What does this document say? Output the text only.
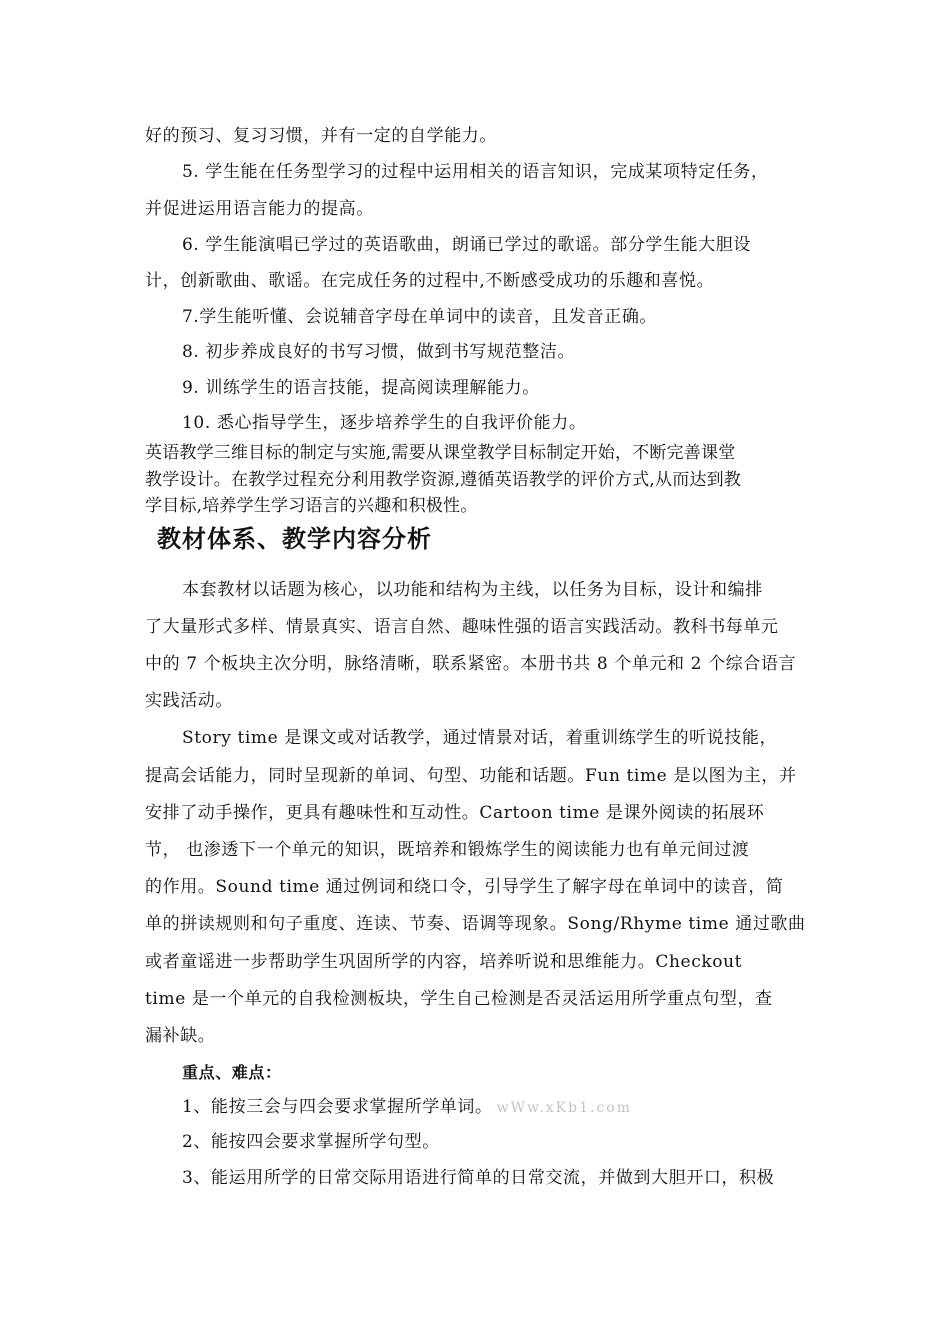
好的预习、复习习惯，并有一定的自学能力。
5. 学生能在任务型学习的过程中运用相关的语言知识，完成某项特定任务，
并促进运用语言能力的提高。
6. 学生能演唱已学过的英语歌曲，朗诵已学过的歌谣。部分学生能大胆设
计，创新歌曲、歌谣。在完成任务的过程中,不断感受成功的乐趣和喜悦。
7.学生能听懂、会说辅音字母在单词中的读音，且发音正确。
8. 初步养成良好的书写习惯，做到书写规范整洁。
9. 训练学生的语言技能，提高阅读理解能力。
10. 悉心指导学生，逐步培养学生的自我评价能力。
英语教学三维目标的制定与实施,需要从课堂教学目标制定开始，不断完善课堂
教学设计。在教学过程充分利用教学资源,遵循英语教学的评价方式,从而达到教
学目标,培养学生学习语言的兴趣和积极性。
教材体系、教学内容分析
本套教材以话题为核心，以功能和结构为主线，以任务为目标，设计和编排
了大量形式多样、情景真实、语言自然、趣味性强的语言实践活动。教科书每单元
中的 7 个板块主次分明，脉络清晰，联系紧密。本册书共 8 个单元和 2 个综合语言
实践活动。
Story time 是课文或对话教学，通过情景对话，着重训练学生的听说技能，
提高会话能力，同时呈现新的单词、句型、功能和话题。Fun time 是以图为主，并
安排了动手操作，更具有趣味性和互动性。Cartoon time 是课外阅读的拓展环
节， 也渗透下一个单元的知识，既培养和锻炼学生的阅读能力也有单元间过渡
的作用。Sound time 通过例词和绕口令，引导学生了解字母在单词中的读音，简
单的拼读规则和句子重度、连读、节奏、语调等现象。Song/Rhyme time 通过歌曲
或者童谣进一步帮助学生巩固所学的内容，培养听说和思维能力。Checkout
time 是一个单元的自我检测板块，学生自己检测是否灵活运用所学重点句型，查
漏补缺。
重点、难点：
1、能按三会与四会要求掌握所学单词。 wWw.xKb1.com
2、能按四会要求掌握所学句型。
3、能运用所学的日常交际用语进行简单的日常交流，并做到大胆开口，积极
